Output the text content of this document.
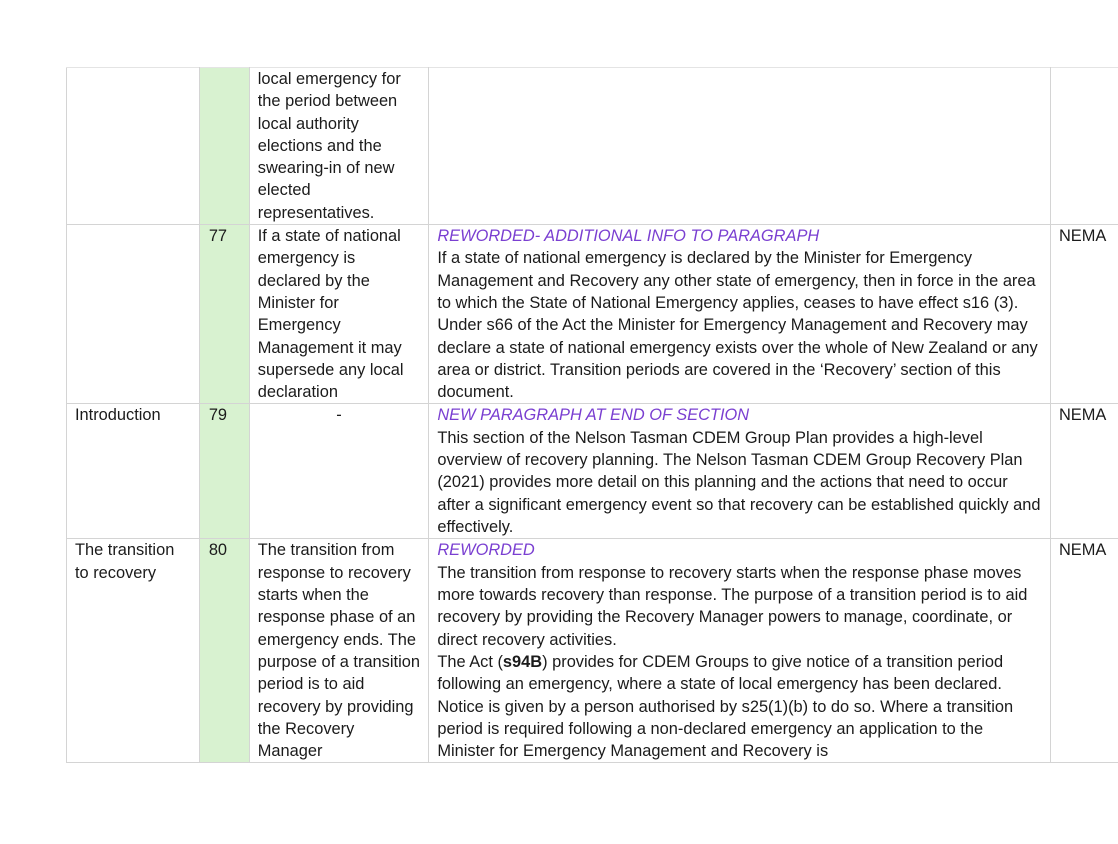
		local emergency for the period between local authority elections and the swearing-in of new elected representatives.		
	77	If a state of national emergency is declared by the Minister for Emergency Management it may supersede any local declaration	REWORDED- ADDITIONAL INFO TO PARAGRAPH
If a state of national emergency is declared by the Minister for Emergency Management and Recovery any other state of emergency, then in force in the area to which the State of National Emergency applies, ceases to have effect s16 (3). Under s66 of the Act the Minister for Emergency Management and Recovery may declare a state of national emergency exists over the whole of New Zealand or any area or district. Transition periods are covered in the ‘Recovery’ section of this document.	NEMA
Introduction	79	-	NEW PARAGRAPH AT END OF SECTION
This section of the Nelson Tasman CDEM Group Plan provides a high-level overview of recovery planning. The Nelson Tasman CDEM Group Recovery Plan (2021) provides more detail on this planning and the actions that need to occur after a significant emergency event so that recovery can be established quickly and effectively.	NEMA
The transition to recovery	80	The transition from response to recovery starts when the response phase of an emergency ends. The purpose of a transition period is to aid recovery by providing the Recovery Manager	REWORDED
The transition from response to recovery starts when the response phase moves more towards recovery than response. The purpose of a transition period is to aid recovery by providing the Recovery Manager powers to manage, coordinate, or direct recovery activities.
The Act (s94B) provides for CDEM Groups to give notice of a transition period following an emergency, where a state of local emergency has been declared. Notice is given by a person authorised by s25(1)(b) to do so. Where a transition period is required following a non-declared emergency an application to the Minister for Emergency Management and Recovery is	NEMA
